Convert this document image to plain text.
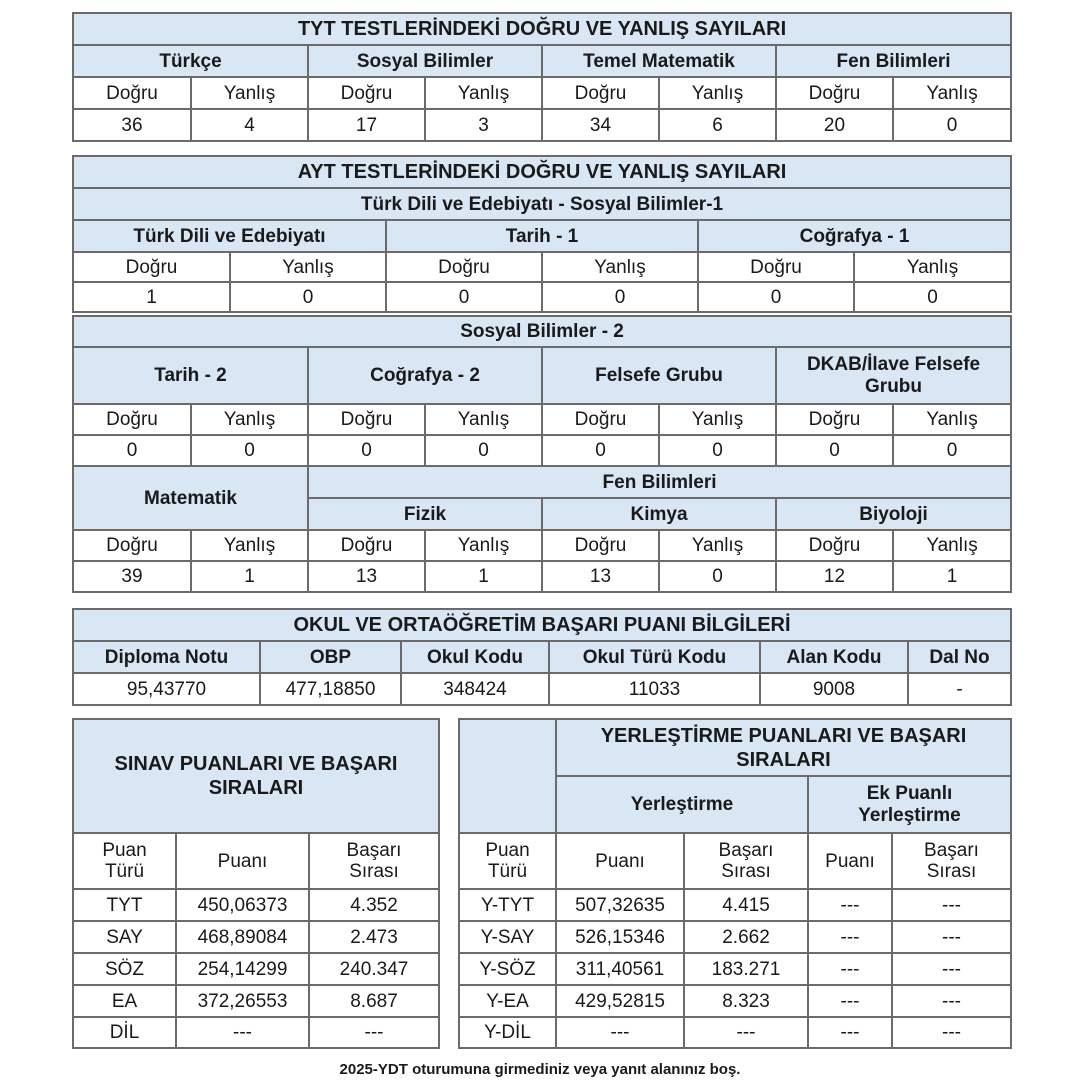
TYT TESTLERİNDEKİ DOĞRU VE YANLIŞ SAYILARI							
Türkçe		Sosyal Bilimler		Temel Matematik		Fen Bilimleri	
Doğru	Yanlış	Doğru	Yanlış	Doğru	Yanlış	Doğru	Yanlış
36	4	17	3	34	6	20	0
AYT TESTLERİNDEKİ DOĞRU VE YANLIŞ SAYILARI					
Türk Dili ve Edebiyatı - Sosyal Bilimler-1					
Türk Dili ve Edebiyatı		Tarih - 1		Coğrafya - 1	
Doğru	Yanlış	Doğru	Yanlış	Doğru	Yanlış
1	0	0	0	0	0
Sosyal Bilimler - 2							
Tarih - 2		Coğrafya - 2		Felsefe Grubu		DKAB/İlave Felsefe Grubu	
Doğru	Yanlış	Doğru	Yanlış	Doğru	Yanlış	Doğru	Yanlış
0	0	0	0	0	0	0	0
Matematik		Fen Bilimleri					
		Fizik		Kimya		Biyoloji	
Doğru	Yanlış	Doğru	Yanlış	Doğru	Yanlış	Doğru	Yanlış
39	1	13	1	13	0	12	1
OKUL VE ORTAÖĞRETİM BAŞARI PUANI BİLGİLERİ					
Diploma Notu	OBP	Okul Kodu	Okul Türü Kodu	Alan Kodu	Dal No
95,43770	477,18850	348424	11033	9008	-
SINAV PUANLARI VE BAŞARI SIRALARI		
Puan Türü	Puanı	Başarı Sırası
TYT	450,06373	4.352
SAY	468,89084	2.473
SÖZ	254,14299	240.347
EA	372,26553	8.687
DİL	---	---
	YERLEŞTİRME PUANLARI VE BAŞARI SIRALARI			
	Yerleştirme		Ek Puanlı Yerleştirme	
Puan Türü	Puanı	Başarı Sırası	Puanı	Başarı Sırası
Y-TYT	507,32635	4.415	---	---
Y-SAY	526,15346	2.662	---	---
Y-SÖZ	311,40561	183.271	---	---
Y-EA	429,52815	8.323	---	---
Y-DİL	---	---	---	---
2025-YDT oturumuna girmediniz veya yanıt alanınız boş.
